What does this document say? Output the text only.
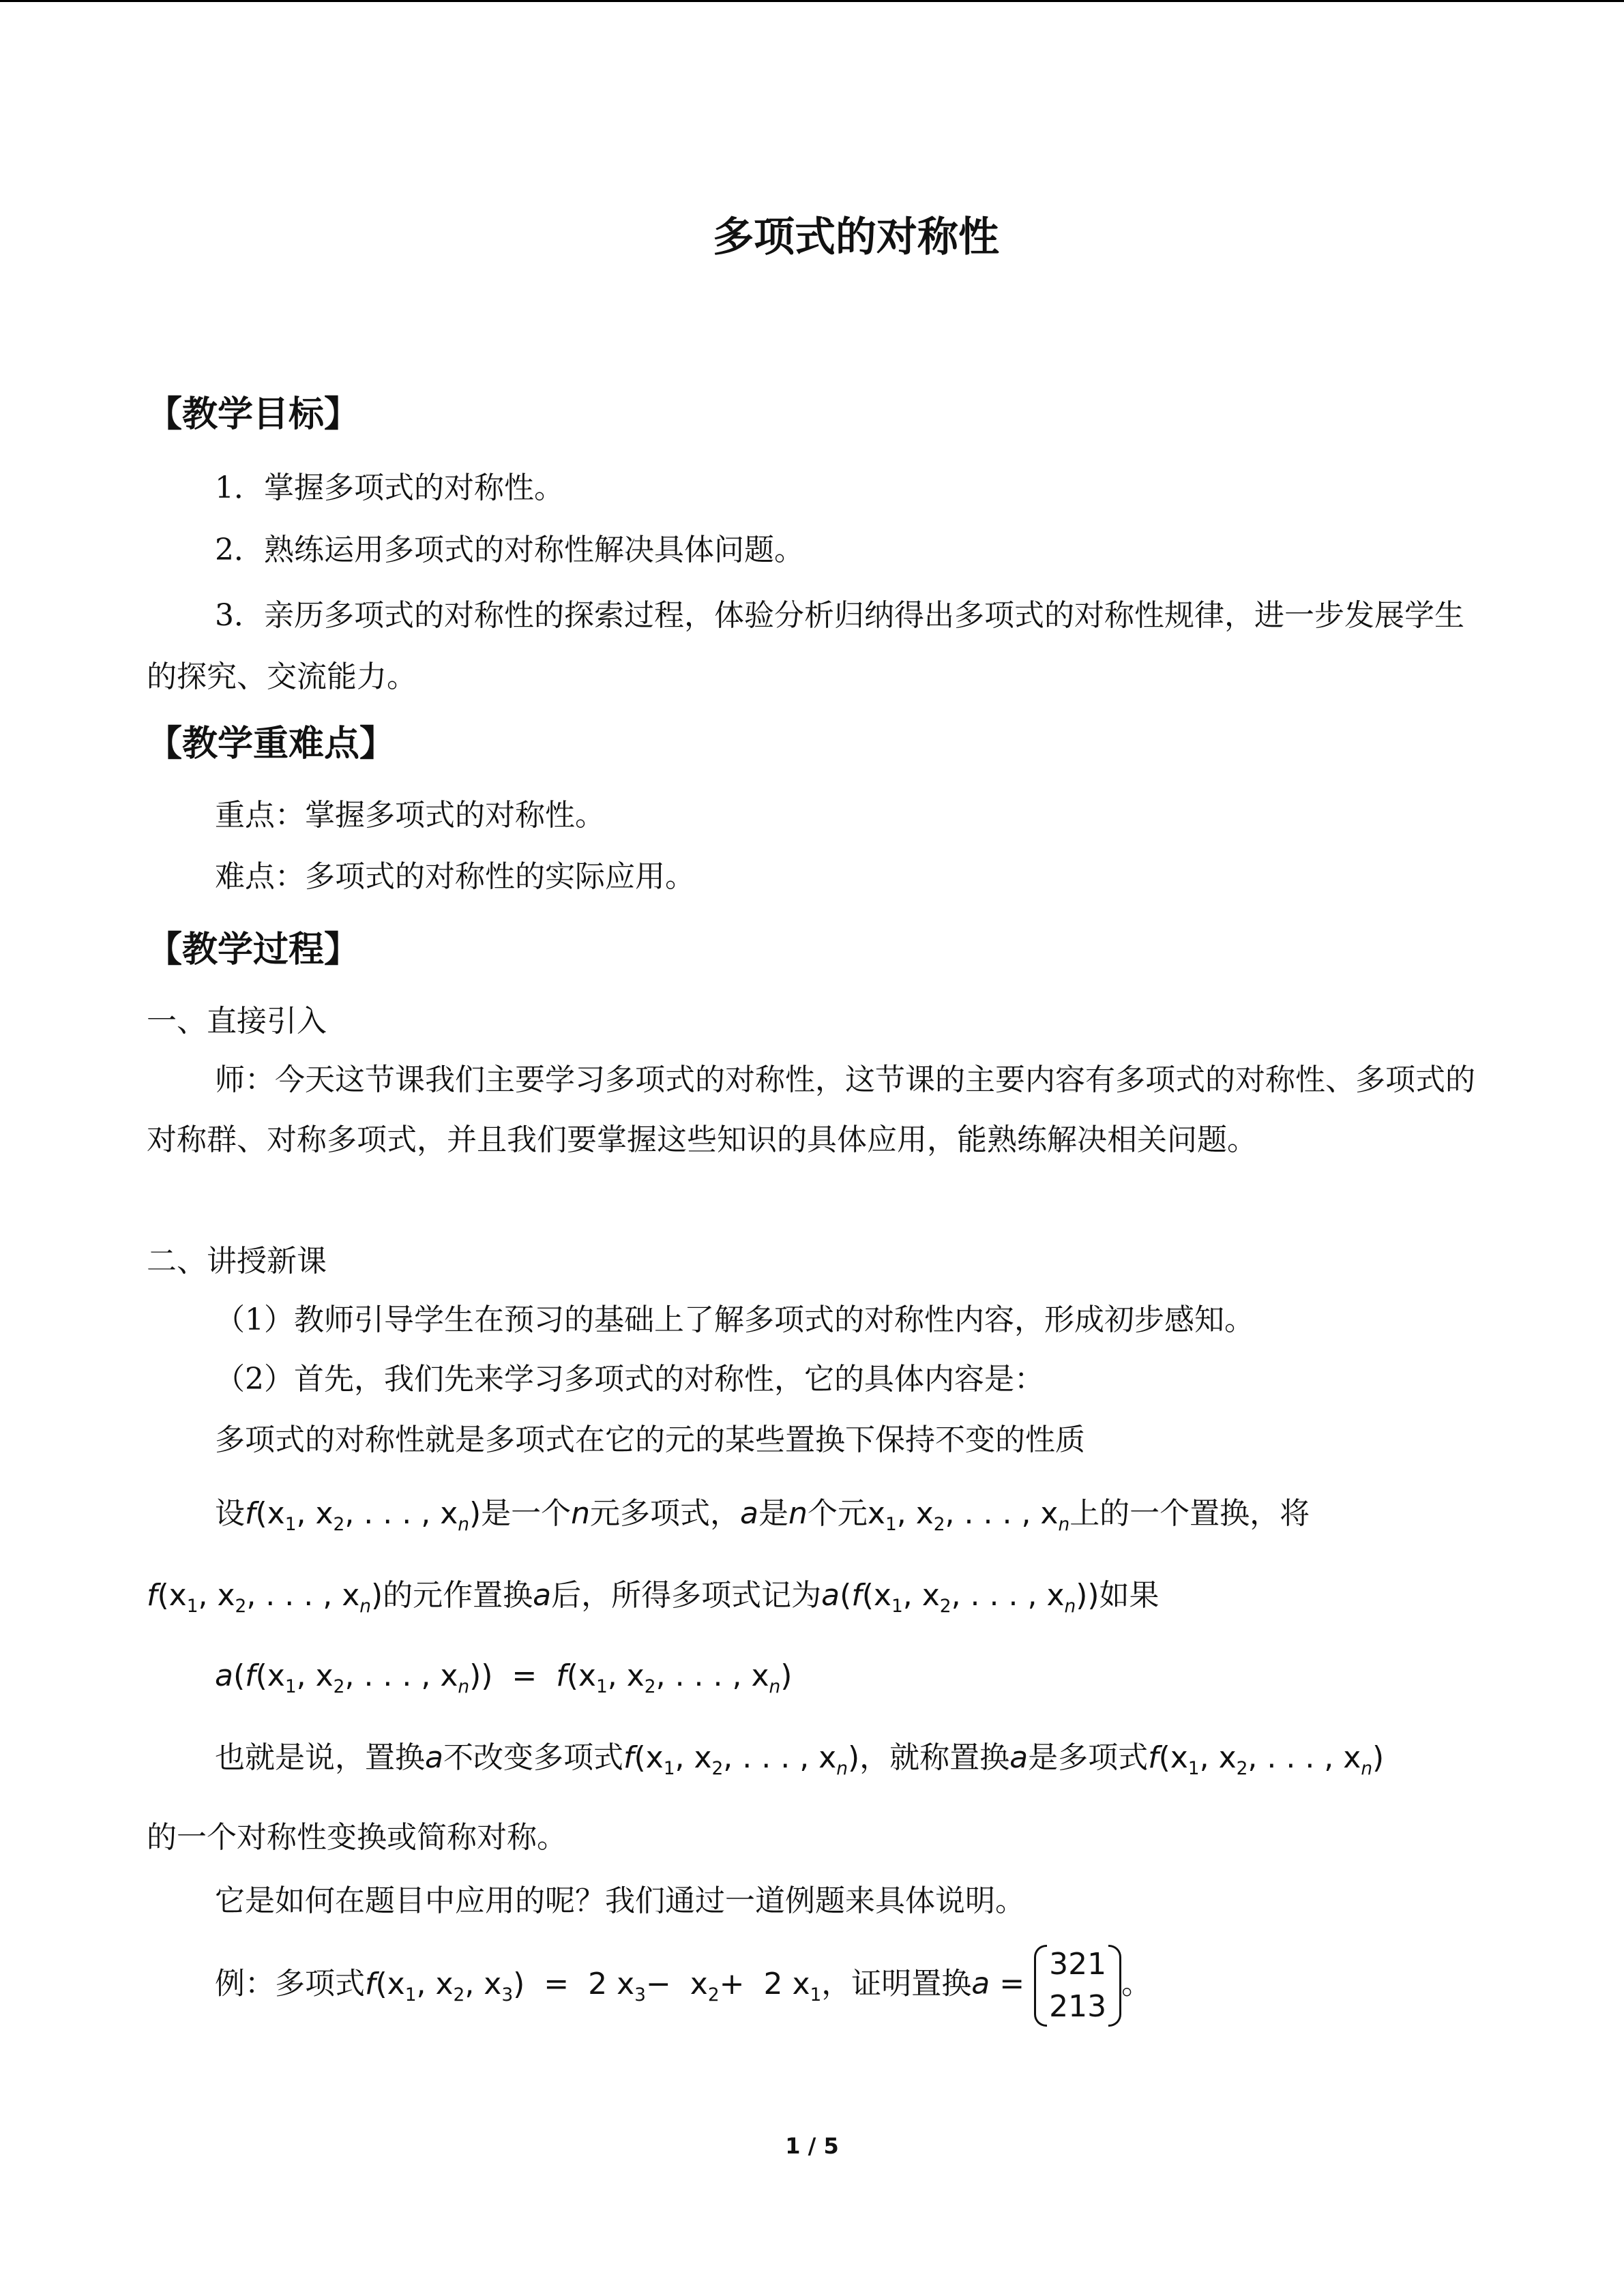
多项式的对称性
【教学目标】
1．掌握多项式的对称性。
2．熟练运用多项式的对称性解决具体问题。
3．亲历多项式的对称性的探索过程，体验分析归纳得出多项式的对称性规律，进一步发展学生的探究、交流能力。
【教学重难点】
重点：掌握多项式的对称性。
难点：多项式的对称性的实际应用。
【教学过程】
一、直接引入
师：今天这节课我们主要学习多项式的对称性，这节课的主要内容有多项式的对称性、多项式的对称群、对称多项式，并且我们要掌握这些知识的具体应用，能熟练解决相关问题。
二、讲授新课
（1）教师引导学生在预习的基础上了解多项式的对称性内容，形成初步感知。
（2）首先，我们先来学习多项式的对称性，它的具体内容是：
多项式的对称性就是多项式在它的元的某些置换下保持不变的性质
设$f(x_1$, $x_2$, . . . , $x_n$)是一个n元多项式，a是n个元$x_1$, $x_2$, . . . , $x_n$上的一个置换，将
$f(x_1$, $x_2$, . . . , $x_n$)的元作置换a后，所得多项式记为$a(f(x_1$, $x_2$, . . . , $x_n$))如果
$a(f(x_1$, $x_2$, . . . , $x_n)) = f(x_1$, $x_2$, . . . , $x_n$)
也就是说，置换a不改变多项式$f(x_1$, $x_2$, . . . , $x_n$)，就称置换a是多项式$f(x_1$, $x_2$, . . . , $x_n$)
的一个对称性变换或简称对称。
它是如何在题目中应用的呢？我们通过一道例题来具体说明。
例：多项式$f(x_1$, $x_2$, $x_3) = 2$ $x_3- x_2+ 2$ $x_1$，证明置换a =
321
213
。
1 / 5
